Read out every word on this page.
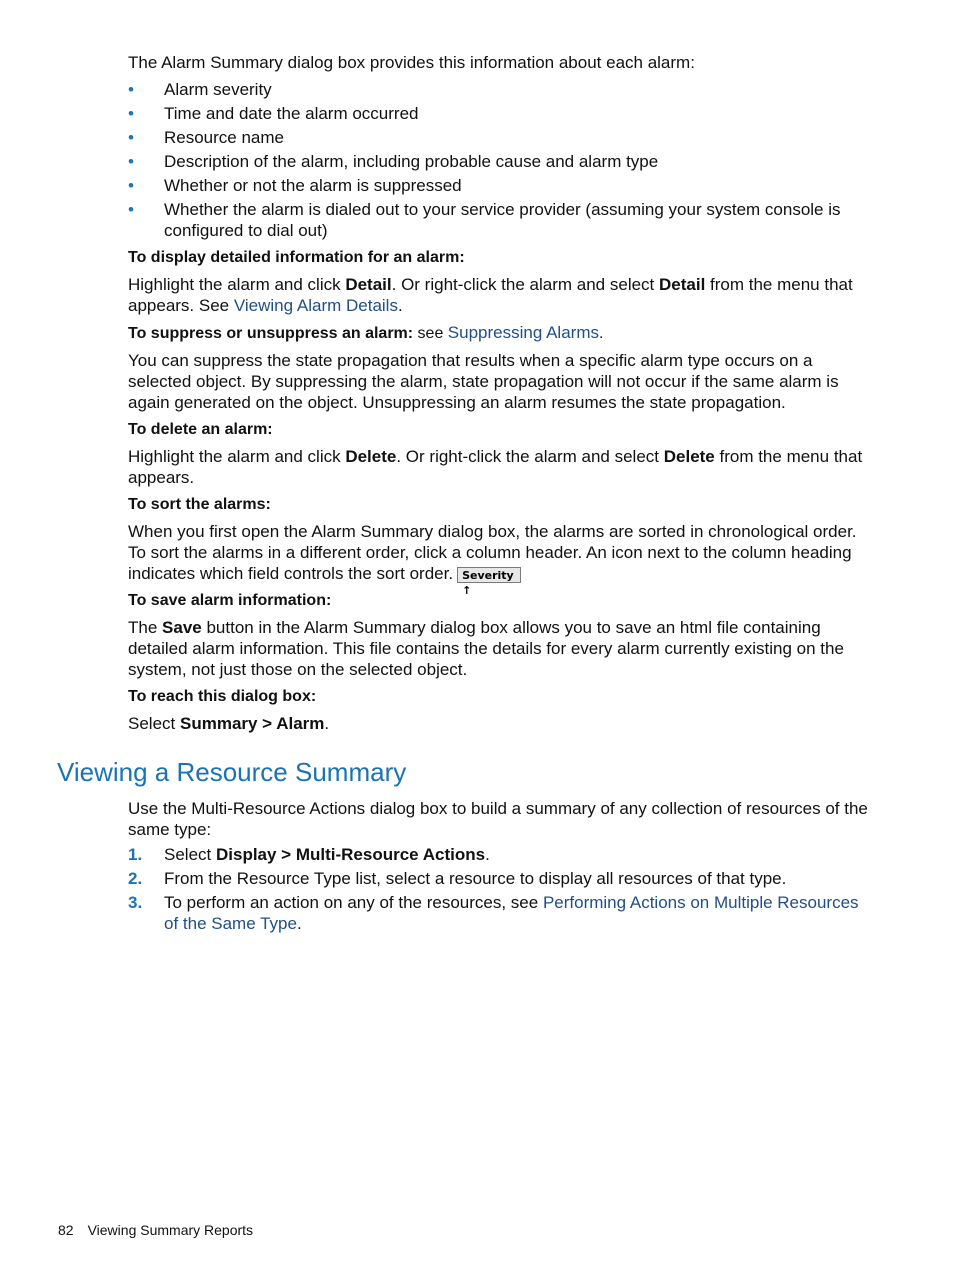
The Alarm Summary dialog box provides this information about each alarm:

• Alarm severity
• Time and date the alarm occurred
• Resource name
• Description of the alarm, including probable cause and alarm type
• Whether or not the alarm is suppressed
• Whether the alarm is dialed out to your service provider (assuming your system console is configured to dial out)

To display detailed information for an alarm:

Highlight the alarm and click Detail. Or right-click the alarm and select Detail from the menu that appears. See Viewing Alarm Details.

To suppress or unsuppress an alarm: see Suppressing Alarms.

You can suppress the state propagation that results when a specific alarm type occurs on a selected object. By suppressing the alarm, state propagation will not occur if the same alarm is again generated on the object. Unsuppressing an alarm resumes the state propagation.

To delete an alarm:

Highlight the alarm and click Delete. Or right-click the alarm and select Delete from the menu that appears.

To sort the alarms:

When you first open the Alarm Summary dialog box, the alarms are sorted in chronological order. To sort the alarms in a different order, click a column header. An icon next to the column heading indicates which field controls the sort order. Severity ↑

To save alarm information:

The Save button in the Alarm Summary dialog box allows you to save an html file containing detailed alarm information. This file contains the details for every alarm currently existing on the system, not just those on the selected object.

To reach this dialog box:

Select Summary > Alarm.

Viewing a Resource Summary

Use the Multi-Resource Actions dialog box to build a summary of any collection of resources of the same type:

1. Select Display > Multi-Resource Actions.
2. From the Resource Type list, select a resource to display all resources of that type.
3. To perform an action on any of the resources, see Performing Actions on Multiple Resources of the Same Type.
82 Viewing Summary Reports
